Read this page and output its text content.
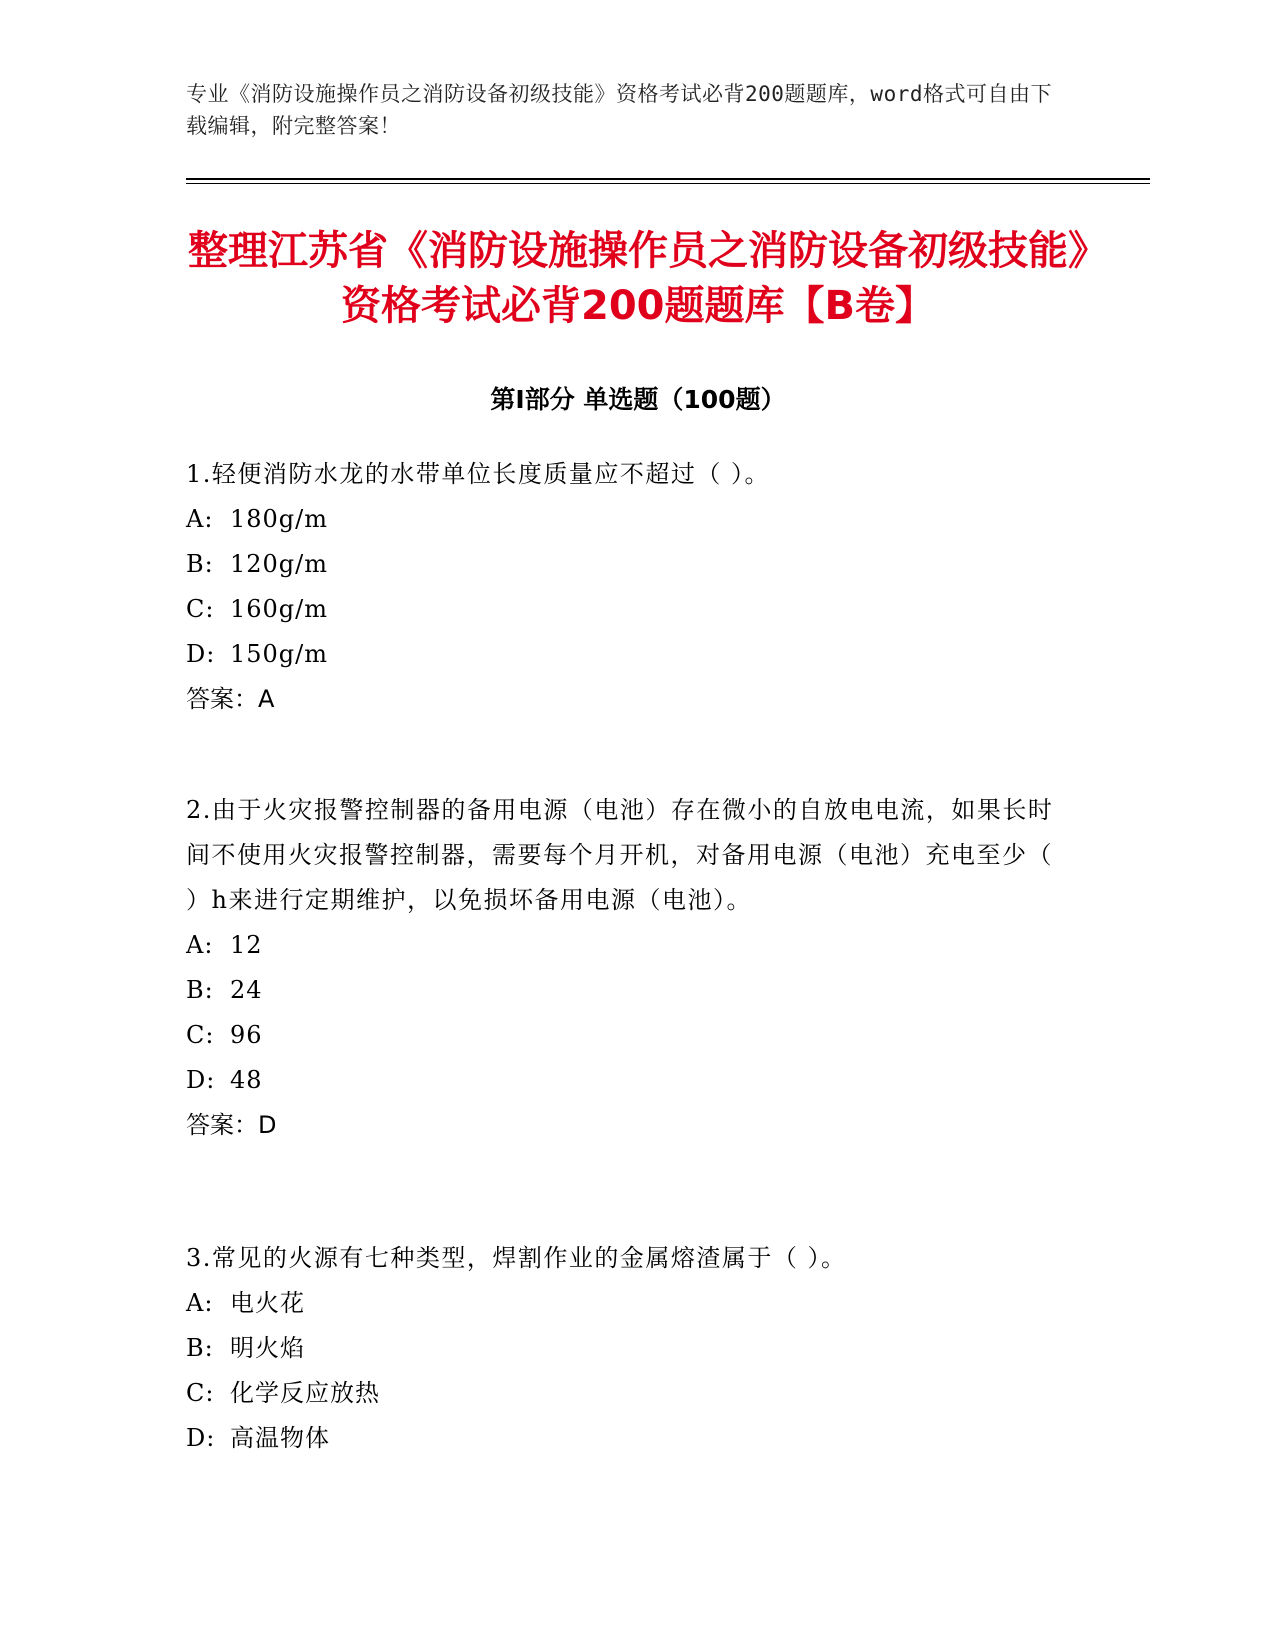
专业《消防设施操作员之消防设备初级技能》资格考试必背200题题库，word格式可自由下载编辑，附完整答案！
整理江苏省《消防设施操作员之消防设备初级技能》资格考试必背200题题库【B卷】
第I部分 单选题（100题）

1.轻便消防水龙的水带单位长度质量应不超过（ ）。

A: 180g/m

B: 120g/m

C: 160g/m

D: 150g/m

答案：A

2.由于火灾报警控制器的备用电源（电池）存在微小的自放电电流，如果长时间不使用火灾报警控制器，需要每个月开机，对备用电源（电池）充电至少（ ）h来进行定期维护，以免损坏备用电源（电池）。

A: 12

B: 24

C: 96

D: 48

答案：D

3.常见的火源有七种类型，焊割作业的金属熔渣属于（ ）。

A: 电火花

B: 明火焰

C: 化学反应放热

D: 高温物体
